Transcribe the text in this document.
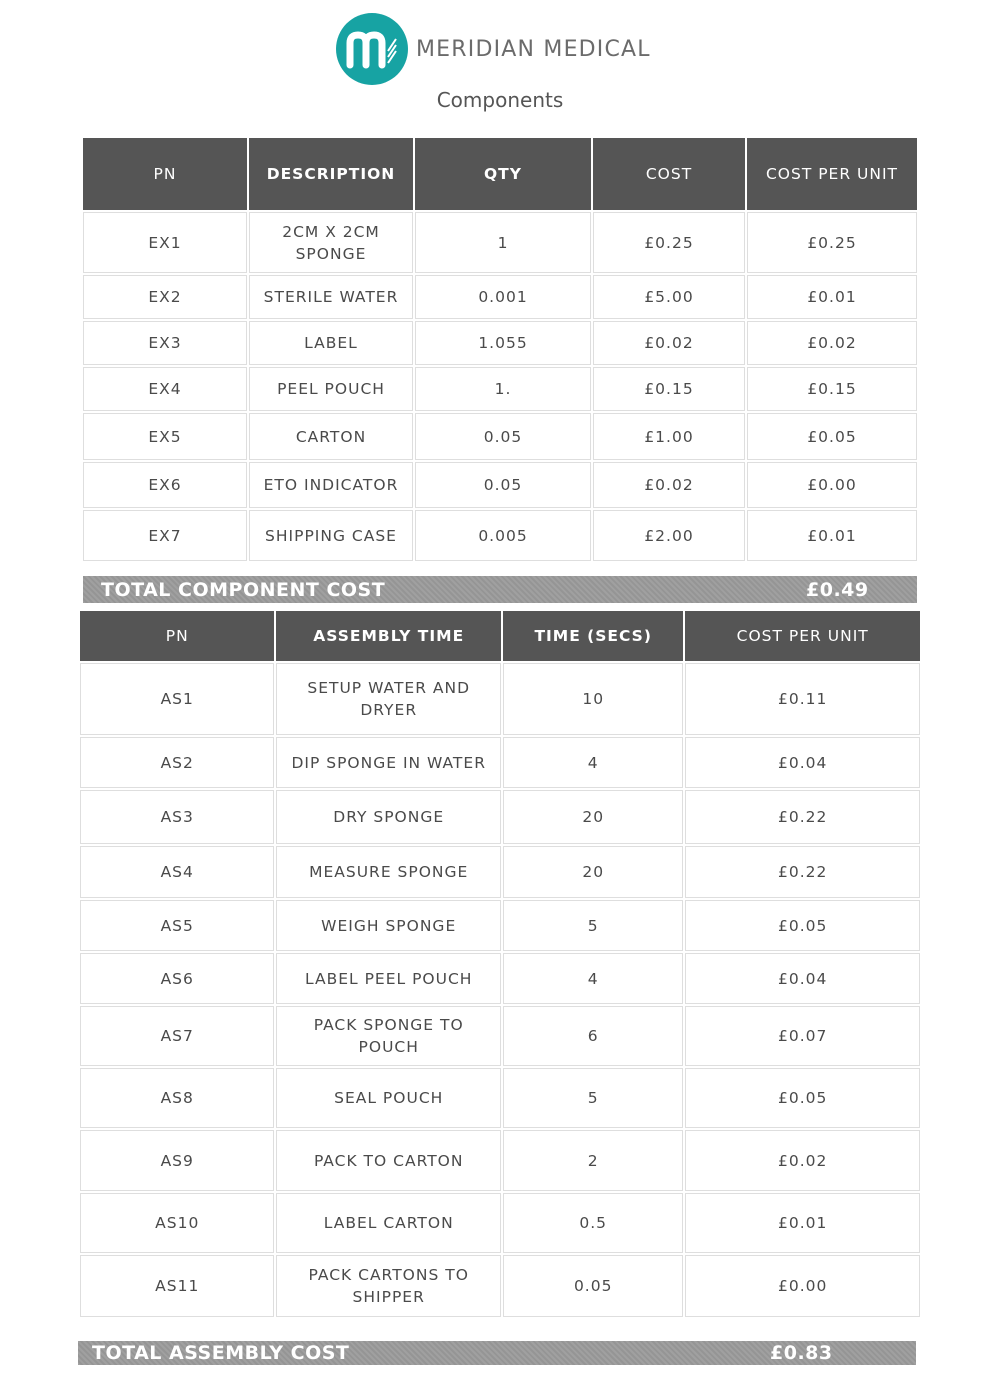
MERIDIAN MEDICAL
Components
PN	DESCRIPTION	QTY	COST	COST PER UNIT
EX1	2CM X 2CM SPONGE	1	£0.25	£0.25
EX2	STERILE WATER	0.001	£5.00	£0.01
EX3	LABEL	1.055	£0.02	£0.02
EX4	PEEL POUCH	1.	£0.15	£0.15
EX5	CARTON	0.05	£1.00	£0.05
EX6	ETO INDICATOR	0.05	£0.02	£0.00
EX7	SHIPPING CASE	0.005	£2.00	£0.01
TOTAL COMPONENT COST	£0.49
PN	ASSEMBLY TIME	TIME (SECS)	COST PER UNIT
AS1	SETUP WATER AND DRYER	10	£0.11
AS2	DIP SPONGE IN WATER	4	£0.04
AS3	DRY SPONGE	20	£0.22
AS4	MEASURE SPONGE	20	£0.22
AS5	WEIGH SPONGE	5	£0.05
AS6	LABEL PEEL POUCH	4	£0.04
AS7	PACK SPONGE TO POUCH	6	£0.07
AS8	SEAL POUCH	5	£0.05
AS9	PACK TO CARTON	2	£0.02
AS10	LABEL CARTON	0.5	£0.01
AS11	PACK CARTONS TO SHIPPER	0.05	£0.00
TOTAL ASSEMBLY COST	£0.83
